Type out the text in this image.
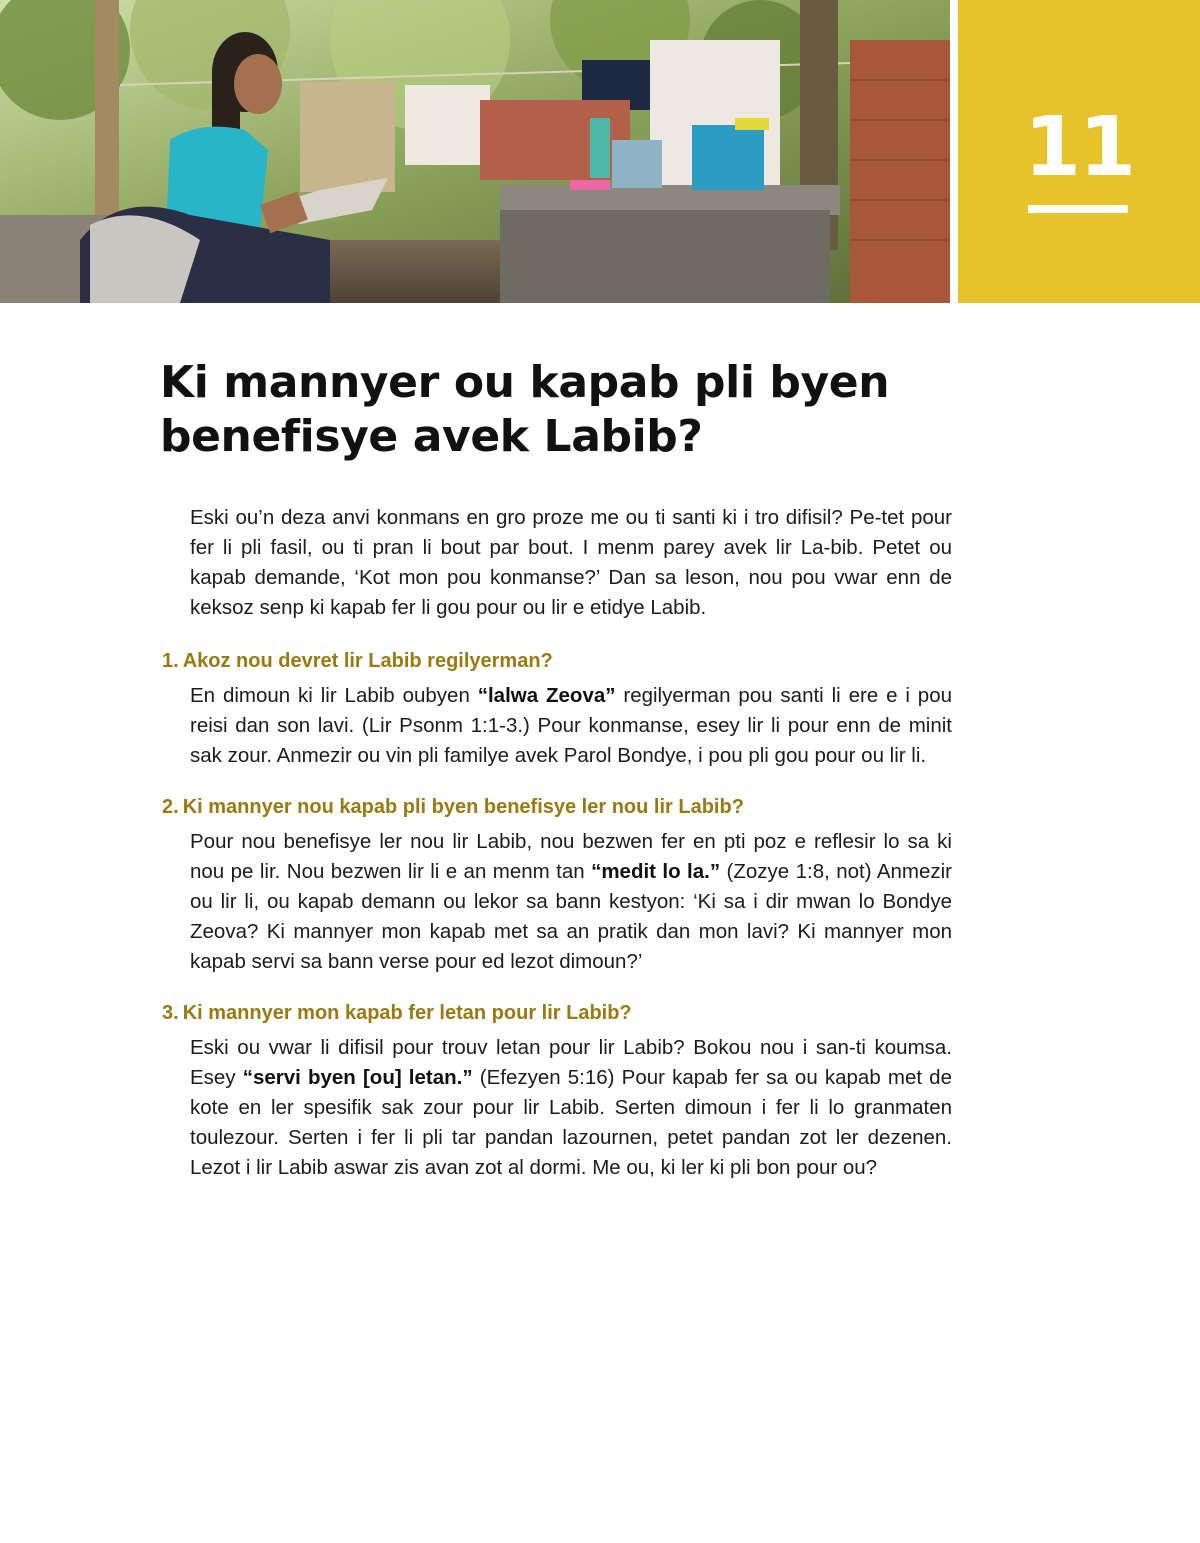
11
Ki mannyer ou kapab pli byen
benefisye avek Labib?

Eski ou’n deza anvi konmans en gro proze me ou ti santi ki i tro difisil? Pe-tet pour fer li pli fasil, ou ti pran li bout par bout. I menm parey avek lir La-bib. Petet ou kapab demande, ‘Kot mon pou konmanse?’ Dan sa leson, nou pou vwar enn de keksoz senp ki kapab fer li gou pour ou lir e etidye Labib.

1. Akoz nou devret lir Labib regilyerman?

En dimoun ki lir Labib oubyen “lalwa Zeova” regilyerman pou santi li ere e i pou reisi dan son lavi. (Lir Psonm 1:1-3.) Pour konmanse, esey lir li pour enn de minit sak zour. Anmezir ou vin pli familye avek Parol Bondye, i pou pli gou pour ou lir li.

2. Ki mannyer nou kapab pli byen benefisye ler nou lir Labib?

Pour nou benefisye ler nou lir Labib, nou bezwen fer en pti poz e reflesir lo sa ki nou pe lir. Nou bezwen lir li e an menm tan “medit lo la.” (Zozye 1:8, not) Anmezir ou lir li, ou kapab demann ou lekor sa bann kestyon: ‘Ki sa i dir mwan lo Bondye Zeova? Ki mannyer mon kapab met sa an pratik dan mon lavi? Ki mannyer mon kapab servi sa bann verse pour ed lezot dimoun?’

3. Ki mannyer mon kapab fer letan pour lir Labib?

Eski ou vwar li difisil pour trouv letan pour lir Labib? Bokou nou i san-ti koumsa. Esey “servi byen [ou] letan.” (Efezyen 5:16) Pour kapab fer sa ou kapab met de kote en ler spesifik sak zour pour lir Labib. Serten dimoun i fer li lo granmaten toulezour. Serten i fer li pli tar pandan lazournen, petet pandan zot ler dezenen. Lezot i lir Labib aswar zis avan zot al dormi. Me ou, ki ler ki pli bon pour ou?
